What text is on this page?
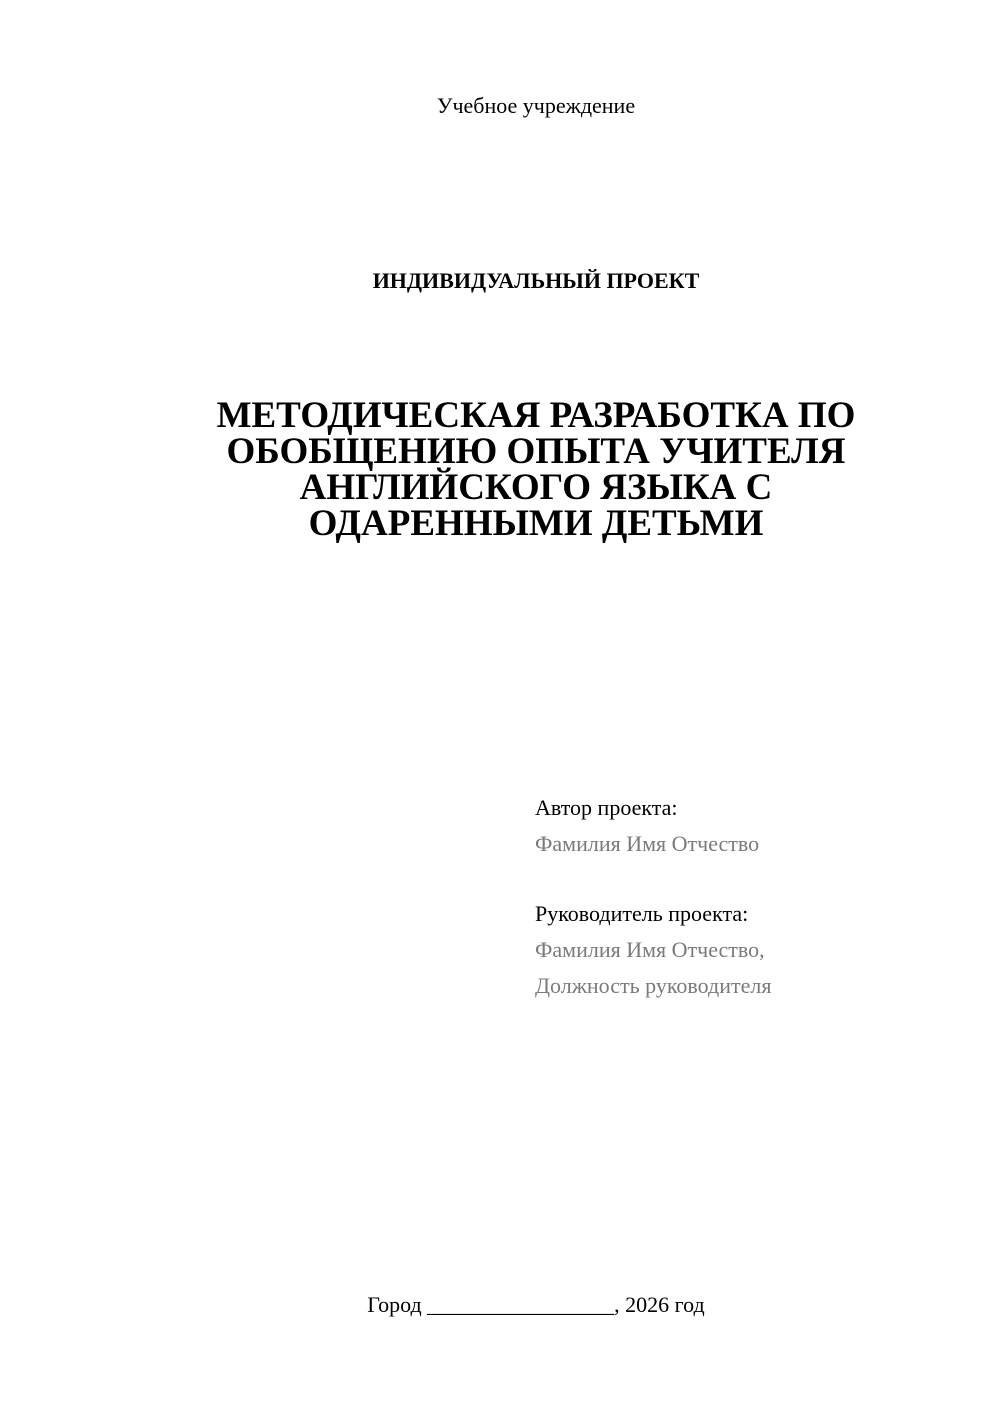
Учебное учреждение
ИНДИВИДУАЛЬНЫЙ ПРОЕКТ
МЕТОДИЧЕСКАЯ РАЗРАБОТКА ПО
ОБОБЩЕНИЮ ОПЫТА УЧИТЕЛЯ
АНГЛИЙСКОГО ЯЗЫКА С
ОДАРЕННЫМИ ДЕТЬМИ
Автор проекта:
Фамилия Имя Отчество
Руководитель проекта:
Фамилия Имя Отчество,
Должность руководителя
Город _________________, 2026 год
